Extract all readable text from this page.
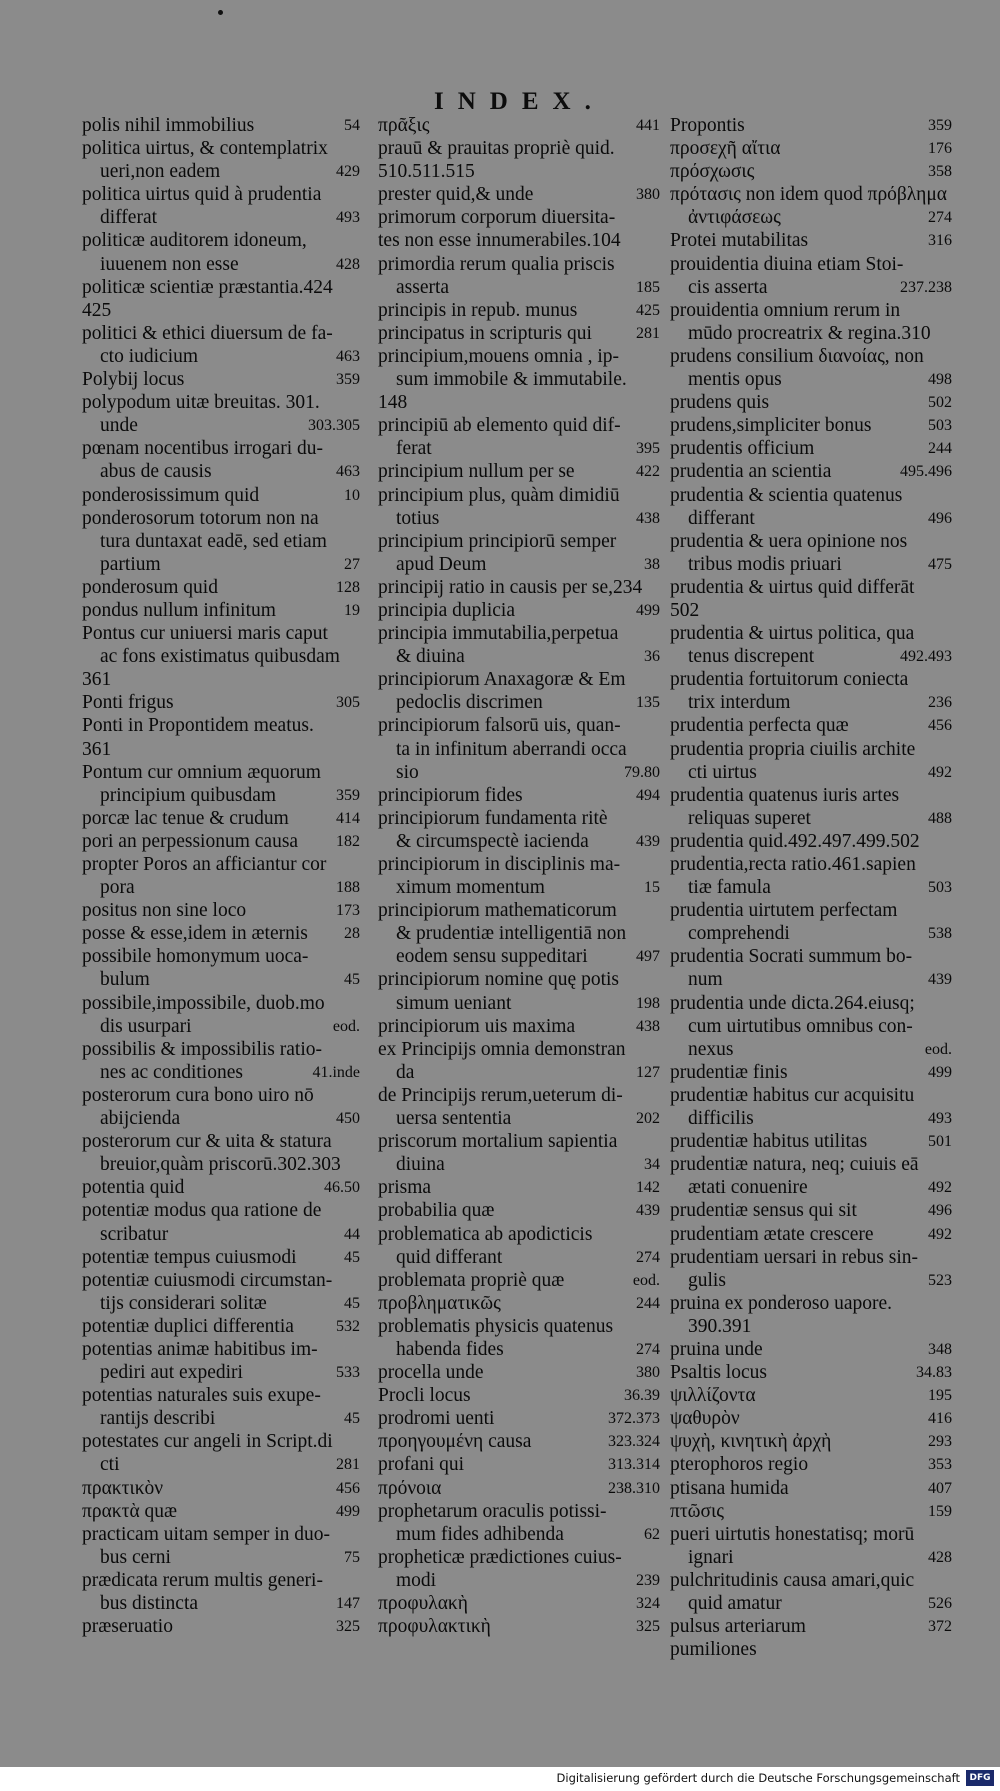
INDEX.
polis nihil immobilius	54
politica uirtus, & contemplatrix
ueri,non eadem	429
politica uirtus quid à prudentia
differat	493
politicæ auditorem idoneum,
iuuenem non esse	428
politicæ scientiæ præstantia.424
425
politici & ethici diuersum de fa-
cto iudicium	463
Polybij locus	359
polypodum uitæ breuitas. 301.
unde	303.305
pœnam nocentibus irrogari du-
abus de causis	463
ponderosissimum quid	10
ponderosorum totorum non na
tura duntaxat eadē, sed etiam
partium	27
ponderosum quid	128
pondus nullum infinitum	19
Pontus cur uniuersi maris caput
ac fons existimatus quibusdam
361
Ponti frigus	305
Ponti in Propontidem meatus.
361
Pontum cur omnium æquorum
principium quibusdam	359
porcæ lac tenue & crudum	414
pori an perpessionum causa 182
propter Poros an afficiantur cor
pora	188
positus non sine loco	173
posse & esse,idem in æternis 28
possibile homonymum uoca-
bulum	45
possibile,impossibile, duob.mo
dis usurpari	eod.
possibilis & impossibilis ratio-
nes ac conditiones	41.inde
posterorum cura bono uiro nō
abijcienda	450
posterorum cur & uita & statura
breuior,quàm priscorū.302.303
potentia quid	46.50
potentiæ modus qua ratione de
scribatur	44
potentiæ tempus cuiusmodi	45
potentiæ cuiusmodi circumstan-
tijs considerari solitæ	45
potentiæ duplici differentia	532
potentias animæ habitibus im-
pediri aut expediri	533
potentias naturales suis exupe-
rantijs describi	45
potestates cur angeli in Script.di
cti	281
πρακτικὸν	456
πρακτὰ quæ	499
practicam uitam semper in duo-
bus cerni	75
prædicata rerum multis generi-
bus distincta	147
præseruatio	325
πρᾶξις	441
prauū & prauitas propriè quid.
510.511.515
prester quid,& unde	380
primorum corporum diuersita-
tes non esse innumerabiles.104
primordia rerum qualia priscis
asserta	185
principis in repub. munus	425
principatus in scripturis qui	281
principium,mouens omnia , ip-
sum immobile & immutabile.
148
principiū ab elemento quid dif-
ferat	395
principium nullum per se	422
principium plus, quàm dimidiū
totius	438
principium principiorū semper
apud Deum	38
principij ratio in causis per se,234
principia duplicia	499
principia immutabilia,perpetua
& diuina	36
principiorum Anaxagoræ & Em
pedoclis discrimen	135
principiorum falsorū uis, quan-
ta in infinitum aberrandi occa
sio	79.80
principiorum fides	494
principiorum fundamenta ritè
& circumspectè iacienda	439
principiorum in disciplinis ma-
ximum momentum	15
principiorum mathematicorum
& prudentiæ intelligentiā non
eodem sensu suppeditari	497
principiorum nomine quę potis
simum ueniant	198
principiorum uis maxima	438
ex Principijs omnia demonstran
da	127
de Principijs rerum,ueterum di-
uersa sententia	202
priscorum mortalium sapientia
diuina	34
prisma	142
probabilia quæ	439
problematica ab apodicticis
quid differant	274
problemata propriè quæ	eod.
προβληματικῶς	244
problematis physicis quatenus
habenda fides	274
procella unde	380
Procli locus	36.39
prodromi uenti	372.373
προηγουμένη causa	323.324
profani qui	313.314
πρόνοια	238.310
prophetarum oraculis potissi-
mum fides adhibenda	62
propheticæ prædictiones cuius-
modi	239
προφυλακὴ	324
προφυλακτικὴ	325
Propontis	359
προσεχῆ αἴτια	176
πρόσχωσις	358
πρότασις non idem quod πρόβλημα
ἀντιφάσεως	274
Protei mutabilitas	316
prouidentia diuina etiam Stoi-
cis asserta	237.238
prouidentia omnium rerum in
mūdo procreatrix & regina.310
prudens consilium διανοίας, non
mentis opus	498
prudens quis	502
prudens,simpliciter bonus	503
prudentis officium	244
prudentia an scientia	495.496
prudentia & scientia quatenus
differant	496
prudentia & uera opinione nos
tribus modis priuari	475
prudentia & uirtus quid differāt
502
prudentia & uirtus politica, qua
tenus discrepent	492.493
prudentia fortuitorum coniecta
trix interdum	236
prudentia perfecta quæ	456
prudentia propria ciuilis archite
cti uirtus	492
prudentia quatenus iuris artes
reliquas superet	488
prudentia quid.492.497.499.502
prudentia,recta ratio.461.sapien
tiæ famula	503
prudentia uirtutem perfectam
comprehendi	538
prudentia Socrati summum bo-
num	439
prudentia unde dicta.264.eiusq;
cum uirtutibus omnibus con-
nexus	eod.
prudentiæ finis	499
prudentiæ habitus cur acquisitu
difficilis	493
prudentiæ habitus utilitas	501
prudentiæ natura, neq; cuiuis eā
ætati conuenire	492
prudentiæ sensus qui sit	496
prudentiam ætate crescere	492
prudentiam uersari in rebus sin-
gulis	523
pruina ex ponderoso uapore.
390.391
pruina unde	348
Psaltis locus	34.83
ψιλλίζοντα	195
ψαθυρὸν	416
ψυχὴ, κινητικὴ ἀρχὴ	293
pterophoros regio	353
ptisana humida	407
πτῶσις	159
pueri uirtutis honestatisq; morū
ignari	428
pulchritudinis causa amari,quic
quid amatur	526
pulsus arteriarum	372
pumiliones
Digitalisierung gefördert durch die Deutsche Forschungsgemeinschaft	DFG
